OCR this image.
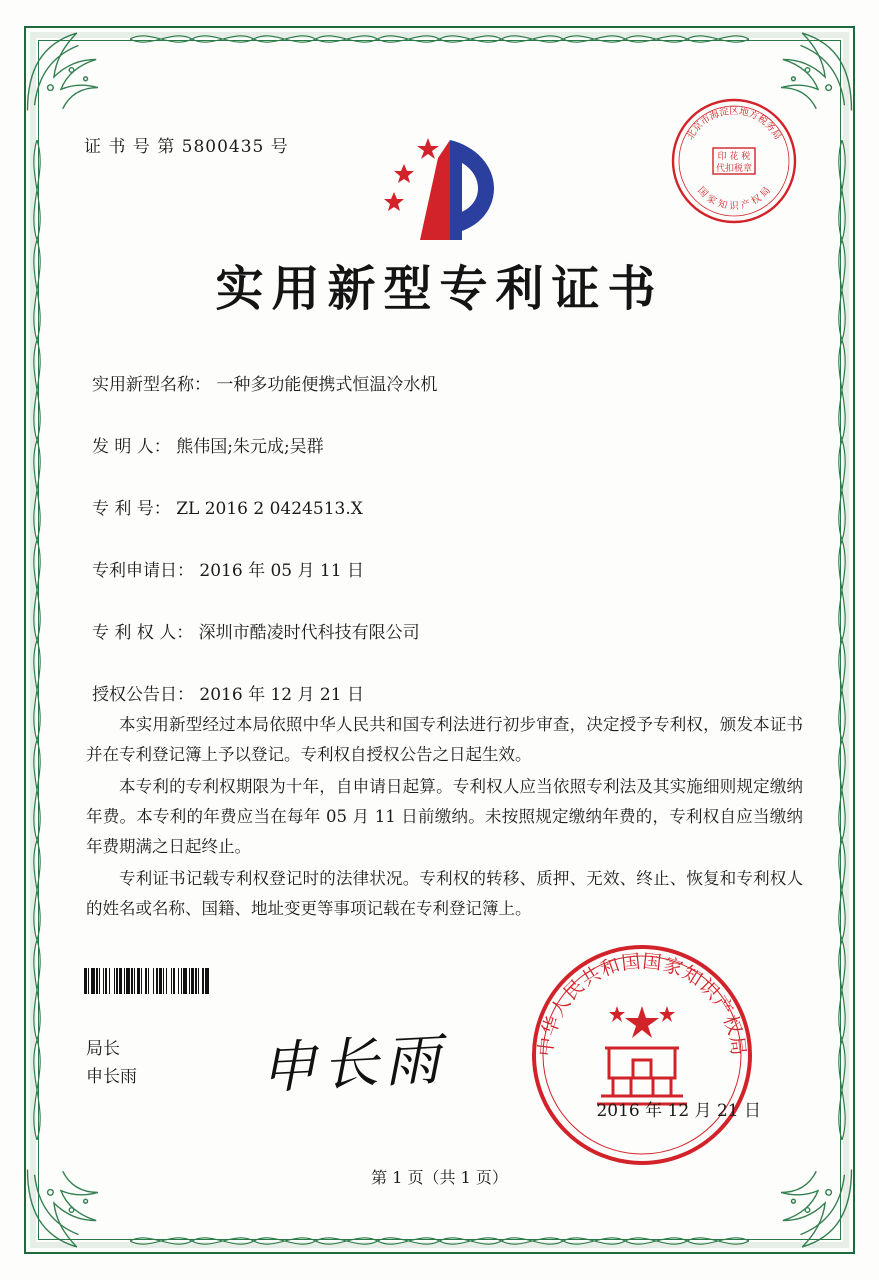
证 书 号 第 5800435 号	印 花 税
代扣税章
北京市海淀区地方税务局
国 家 知 识 产 权 局
实用新型专利证书
实用新型名称： 一种多功能便携式恒温冷水机
发 明 人： 熊伟国;朱元成;吴群
专 利 号： ZL 2016 2 0424513.X
专利申请日： 2016 年 05 月 11 日
专 利 权 人： 深圳市酷凌时代科技有限公司
授权公告日： 2016 年 12 月 21 日

本实用新型经过本局依照中华人民共和国专利法进行初步审查，决定授予专利权，颁发本证书并在专利登记簿上予以登记。专利权自授权公告之日起生效。

本专利的专利权期限为十年，自申请日起算。专利权人应当依照专利法及其实施细则规定缴纳年费。本专利的年费应当在每年 05 月 11 日前缴纳。未按照规定缴纳年费的，专利权自应当缴纳年费期满之日起终止。

专利证书记载专利权登记时的法律状况。专利权的转移、质押、无效、终止、恢复和专利权人的姓名或名称、国籍、地址变更等事项记载在专利登记簿上。

局长
申长雨 申长雨	中华人民共和国国家知识产权局
2016 年 12 月 21 日
第 1 页（共 1 页）
